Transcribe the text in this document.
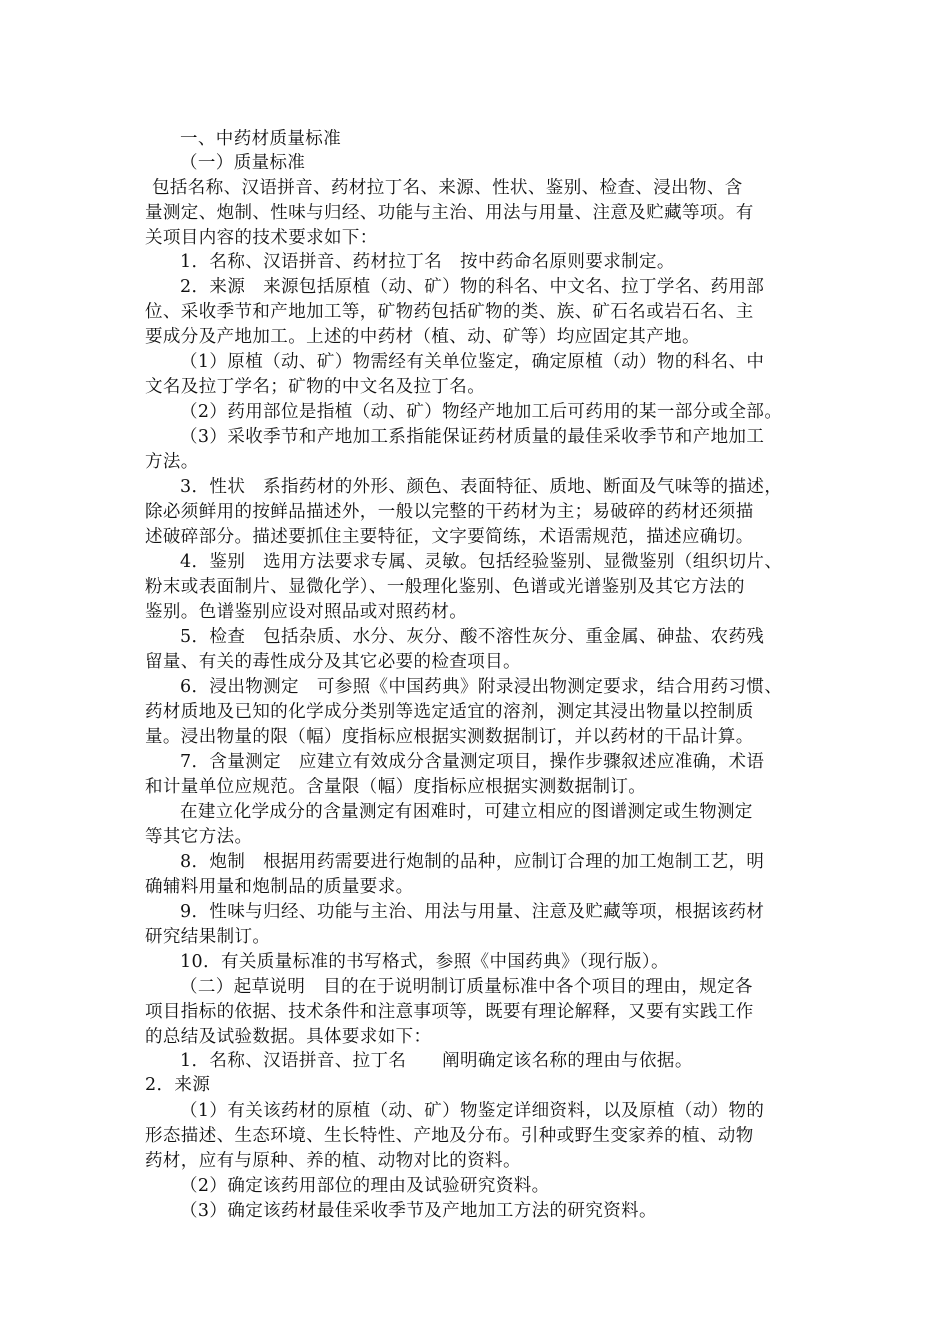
一、中药材质量标准
（一）质量标准
包括名称、汉语拼音、药材拉丁名、来源、性状、鉴别、检查、浸出物、含
量测定、炮制、性味与归经、功能与主治、用法与用量、注意及贮藏等项。有
关项目内容的技术要求如下：
1．名称、汉语拼音、药材拉丁名　按中药命名原则要求制定。
2．来源　来源包括原植（动、矿）物的科名、中文名、拉丁学名、药用部
位、采收季节和产地加工等，矿物药包括矿物的类、族、矿石名或岩石名、主
要成分及产地加工。上述的中药材（植、动、矿等）均应固定其产地。
（1）原植（动、矿）物需经有关单位鉴定，确定原植（动）物的科名、中
文名及拉丁学名；矿物的中文名及拉丁名。
（2）药用部位是指植（动、矿）物经产地加工后可药用的某一部分或全部。
（3）采收季节和产地加工系指能保证药材质量的最佳采收季节和产地加工
方法。
3．性状　系指药材的外形、颜色、表面特征、质地、断面及气味等的描述，
除必须鲜用的按鲜品描述外，一般以完整的干药材为主；易破碎的药材还须描
述破碎部分。描述要抓住主要特征，文字要简练，术语需规范，描述应确切。
4．鉴别　选用方法要求专属、灵敏。包括经验鉴别、显微鉴别（组织切片、
粉末或表面制片、显微化学）、一般理化鉴别、色谱或光谱鉴别及其它方法的
鉴别。色谱鉴别应设对照品或对照药材。
5．检查　包括杂质、水分、灰分、酸不溶性灰分、重金属、砷盐、农药残
留量、有关的毒性成分及其它必要的检查项目。
6．浸出物测定　可参照《中国药典》附录浸出物测定要求，结合用药习惯、
药材质地及已知的化学成分类别等选定适宜的溶剂，测定其浸出物量以控制质
量。浸出物量的限（幅）度指标应根据实测数据制订，并以药材的干品计算。
7．含量测定　应建立有效成分含量测定项目，操作步骤叙述应准确，术语
和计量单位应规范。含量限（幅）度指标应根据实测数据制订。
在建立化学成分的含量测定有困难时，可建立相应的图谱测定或生物测定
等其它方法。
8．炮制　根据用药需要进行炮制的品种，应制订合理的加工炮制工艺，明
确辅料用量和炮制品的质量要求。
9．性味与归经、功能与主治、用法与用量、注意及贮藏等项，根据该药材
研究结果制订。
10．有关质量标准的书写格式，参照《中国药典》（现行版）。
（二）起草说明　目的在于说明制订质量标准中各个项目的理由，规定各
项目指标的依据、技术条件和注意事项等，既要有理论解释，又要有实践工作
的总结及试验数据。具体要求如下：
1．名称、汉语拼音、拉丁名　　阐明确定该名称的理由与依据。
2．来源
（1）有关该药材的原植（动、矿）物鉴定详细资料，以及原植（动）物的
形态描述、生态环境、生长特性、产地及分布。引种或野生变家养的植、动物
药材，应有与原种、养的植、动物对比的资料。
（2）确定该药用部位的理由及试验研究资料。
（3）确定该药材最佳采收季节及产地加工方法的研究资料。
